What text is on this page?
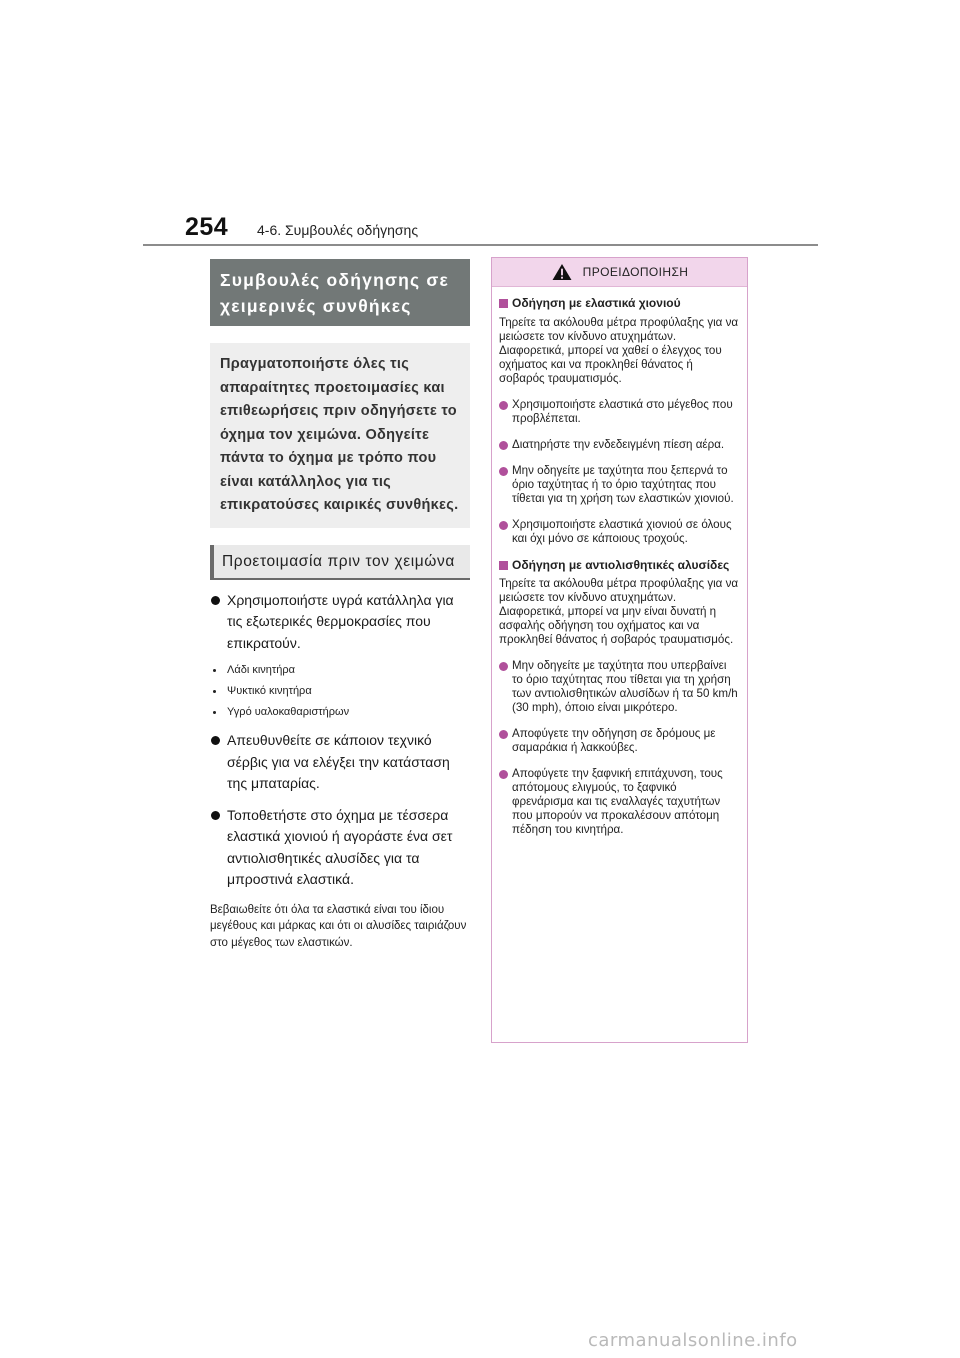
254	4-6. Συμβουλές οδήγησης
Συμβουλές οδήγησης σε χειμερινές συνθήκες
Πραγματοποιήστε όλες τις απαραίτητες προετοιμασίες και επιθεωρήσεις πριν οδηγήσετε το όχημα τον χειμώνα. Οδηγείτε πάντα το όχημα με τρόπο που είναι κατάλληλος για τις επικρατούσες καιρικές συνθήκες.
Προετοιμασία πριν τον χειμώνα
Χρησιμοποιήστε υγρά κατάλληλα για τις εξωτερικές θερμοκρασίες που επικρατούν.
Λάδι κινητήρα
Ψυκτικό κινητήρα
Υγρό υαλοκαθαριστήρων
Απευθυνθείτε σε κάποιον τεχνικό σέρβις για να ελέγξει την κατάσταση της μπαταρίας.
Τοποθετήστε στο όχημα με τέσσερα ελαστικά χιονιού ή αγοράστε ένα σετ αντιολισθητικές αλυσίδες για τα μπροστινά ελαστικά.
Βεβαιωθείτε ότι όλα τα ελαστικά είναι του ίδιου μεγέθους και μάρκας και ότι οι αλυσίδες ταιριάζουν στο μέγεθος των ελαστικών.
ΠΡΟΕΙΔΟΠΟΙΗΣΗ
Οδήγηση με ελαστικά χιονιού
Τηρείτε τα ακόλουθα μέτρα προφύλαξης για να μειώσετε τον κίνδυνο ατυχημάτων. Διαφορετικά, μπορεί να χαθεί ο έλεγχος του οχήματος και να προκληθεί θάνατος ή σοβαρός τραυματισμός.
Χρησιμοποιήστε ελαστικά στο μέγεθος που προβλέπεται.
Διατηρήστε την ενδεδειγμένη πίεση αέρα.
Μην οδηγείτε με ταχύτητα που ξεπερνά το όριο ταχύτητας ή το όριο ταχύτητας που τίθεται για τη χρήση των ελαστικών χιονιού.
Χρησιμοποιήστε ελαστικά χιονιού σε όλους και όχι μόνο σε κάποιους τροχούς.
Οδήγηση με αντιολισθητικές αλυσίδες
Τηρείτε τα ακόλουθα μέτρα προφύλαξης για να μειώσετε τον κίνδυνο ατυχημάτων. Διαφορετικά, μπορεί να μην είναι δυνατή η ασφαλής οδήγηση του οχήματος και να προκληθεί θάνατος ή σοβαρός τραυματισμός.
Μην οδηγείτε με ταχύτητα που υπερβαίνει το όριο ταχύτητας που τίθεται για τη χρήση των αντιολισθητικών αλυσίδων ή τα 50 km/h (30 mph), όποιο είναι μικρότερο.
Αποφύγετε την οδήγηση σε δρόμους με σαμαράκια ή λακκούβες.
Αποφύγετε την ξαφνική επιτάχυνση, τους απότομους ελιγμούς, το ξαφνικό φρενάρισμα και τις εναλλαγές ταχυτήτων που μπορούν να προκαλέσουν απότομη πέδηση του κινητήρα.
carmanualsonline.info
